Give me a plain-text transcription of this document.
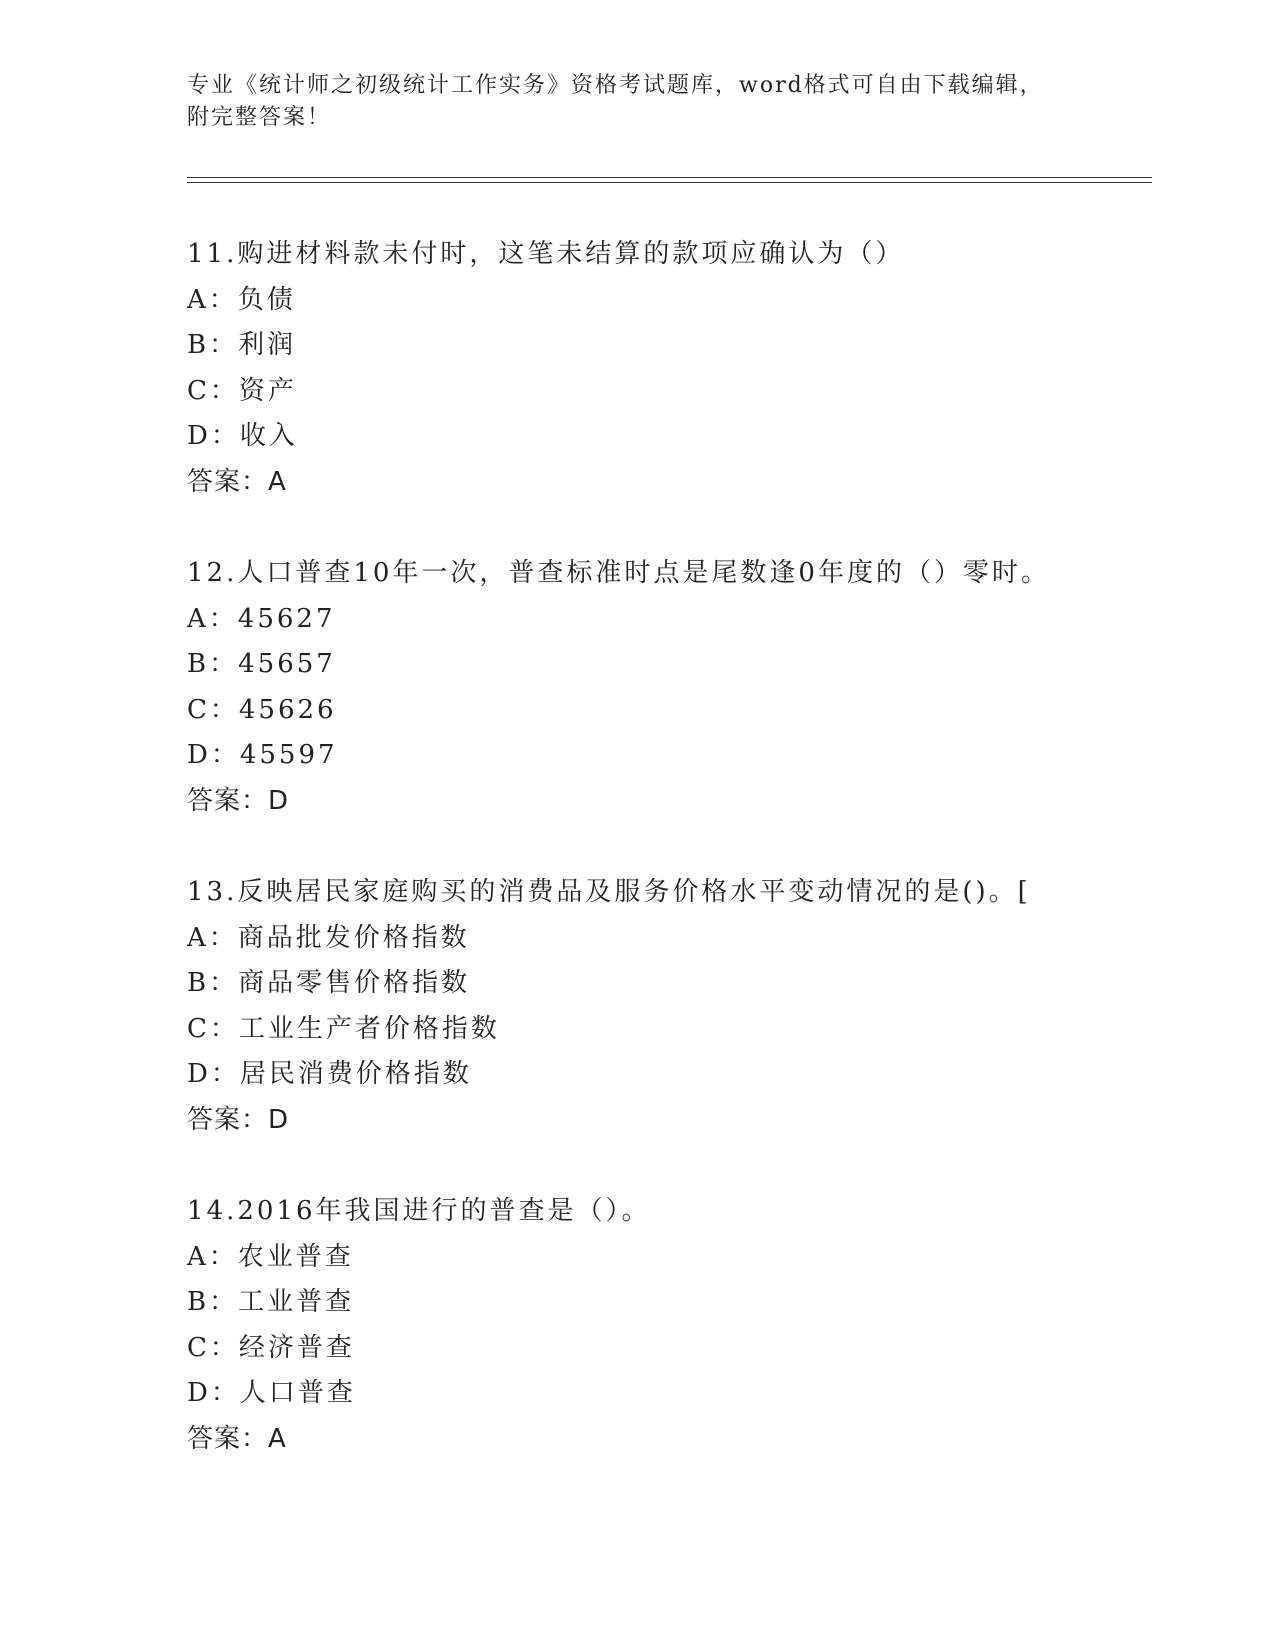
专业《统计师之初级统计工作实务》资格考试题库，word格式可自由下载编辑，
附完整答案！
11.购进材料款未付时，这笔未结算的款项应确认为（）
A：负债
B：利润
C：资产
D：收入
答案：A
12.人口普查10年一次，普查标准时点是尾数逢0年度的（）零时。
A：45627
B：45657
C：45626
D：45597
答案：D
13.反映居民家庭购买的消费品及服务价格水平变动情况的是()。[
A：商品批发价格指数
B：商品零售价格指数
C：工业生产者价格指数
D：居民消费价格指数
答案：D
14.2016年我国进行的普查是（）。
A：农业普查
B：工业普查
C：经济普查
D：人口普查
答案：A
